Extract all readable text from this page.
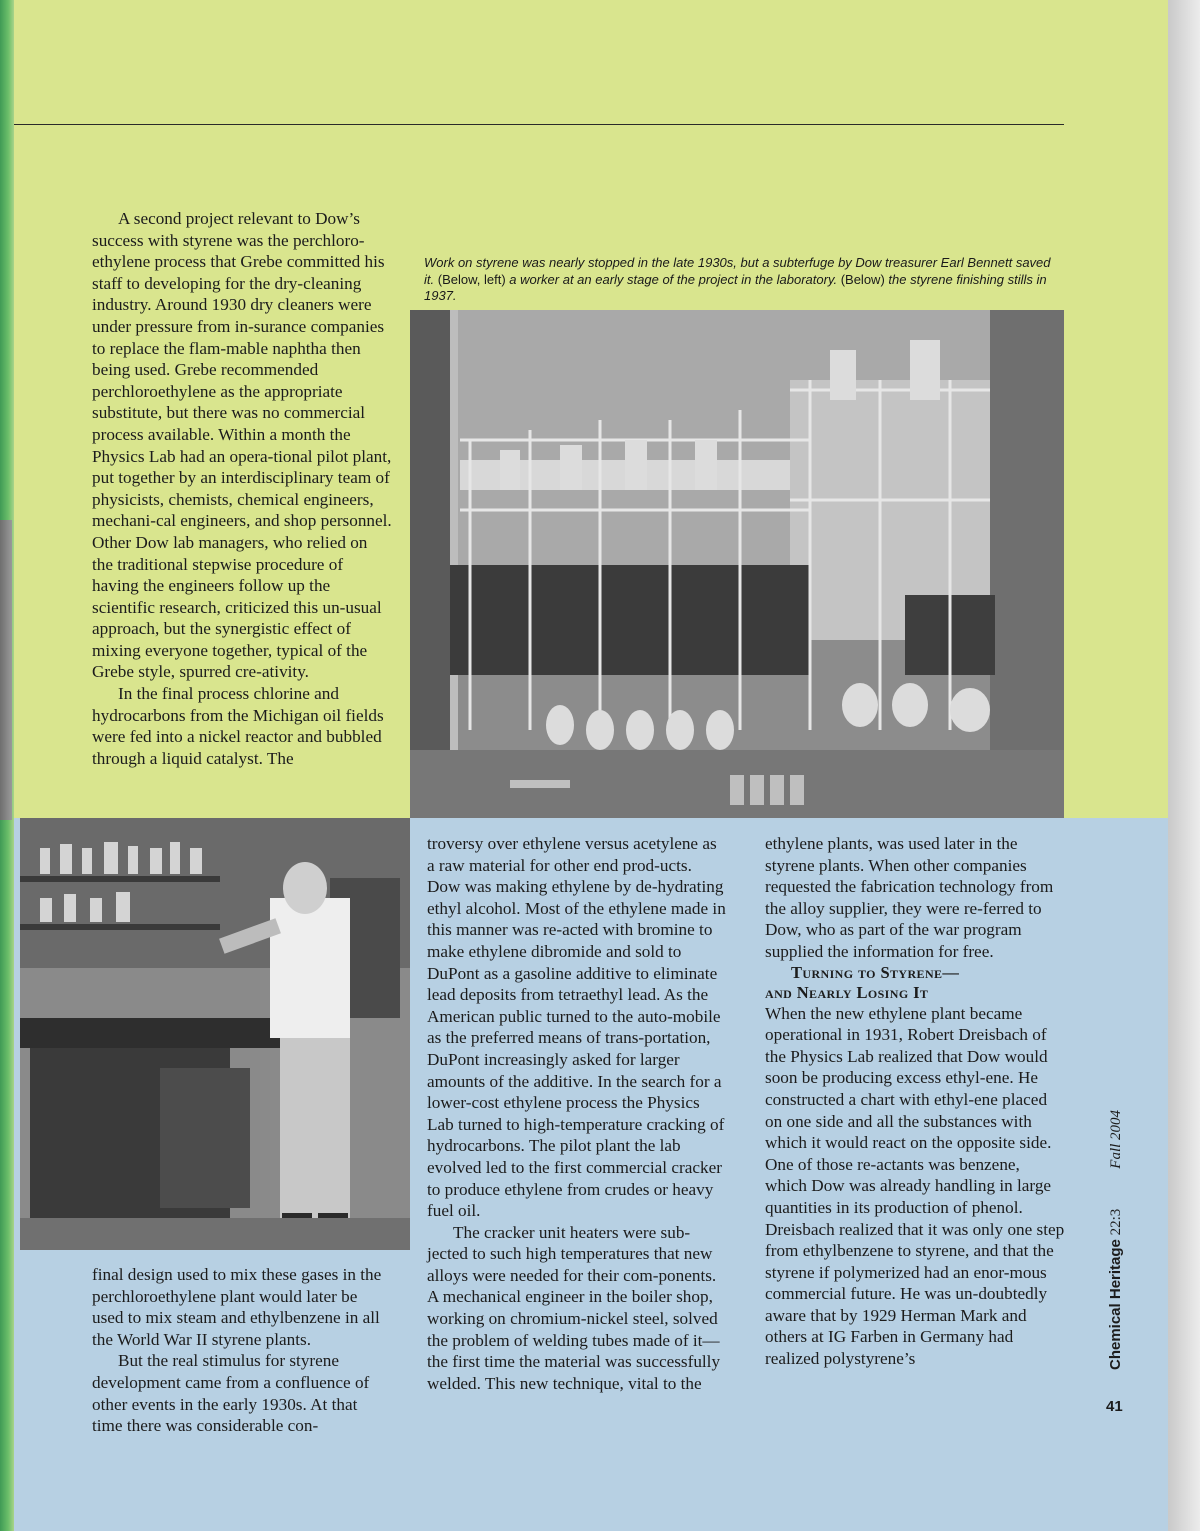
A second project relevant to Dow’s success with styrene was the perchloro-ethylene process that Grebe committed his staff to developing for the dry-cleaning industry. Around 1930 dry cleaners were under pressure from in-surance companies to replace the flam-mable naphtha then being used. Grebe recommended perchloroethylene as the appropriate substitute, but there was no commercial process available. Within a month the Physics Lab had an opera-tional pilot plant, put together by an interdisciplinary team of physicists, chemists, chemical engineers, mechani-cal engineers, and shop personnel. Other Dow lab managers, who relied on the traditional stepwise procedure of having the engineers follow up the scientific research, criticized this un-usual approach, but the synergistic effect of mixing everyone together, typical of the Grebe style, spurred cre-ativity.

In the final process chlorine and hydrocarbons from the Michigan oil fields were fed into a nickel reactor and bubbled through a liquid catalyst. The

Work on styrene was nearly stopped in the late 1930s, but a subterfuge by Dow treasurer Earl Bennett saved it. (Below, left) a worker at an early stage of the project in the laboratory. (Below) the styrene finishing stills in 1937.

final design used to mix these gases in the perchloroethylene plant would later be used to mix steam and ethylbenzene in all the World War II styrene plants.

But the real stimulus for styrene development came from a confluence of other events in the early 1930s. At that time there was considerable con-

troversy over ethylene versus acetylene as a raw material for other end prod-ucts. Dow was making ethylene by de-hydrating ethyl alcohol. Most of the ethylene made in this manner was re-acted with bromine to make ethylene dibromide and sold to DuPont as a gasoline additive to eliminate lead deposits from tetraethyl lead. As the American public turned to the auto-mobile as the preferred means of trans-portation, DuPont increasingly asked for larger amounts of the additive. In the search for a lower-cost ethylene process the Physics Lab turned to high-temperature cracking of hydrocarbons. The pilot plant the lab evolved led to the first commercial cracker to produce ethylene from crudes or heavy fuel oil.

The cracker unit heaters were sub-jected to such high temperatures that new alloys were needed for their com-ponents. A mechanical engineer in the boiler shop, working on chromium-nickel steel, solved the problem of welding tubes made of it—the first time the material was successfully welded. This new technique, vital to the

ethylene plants, was used later in the styrene plants. When other companies requested the fabrication technology from the alloy supplier, they were re-ferred to Dow, who as part of the war program supplied the information for free.

Turning to Styrene—
and Nearly Losing It

When the new ethylene plant became operational in 1931, Robert Dreisbach of the Physics Lab realized that Dow would soon be producing excess ethyl-ene. He constructed a chart with ethyl-ene placed on one side and all the substances with which it would react on the opposite side. One of those re-actants was benzene, which Dow was already handling in large quantities in its production of phenol. Dreisbach realized that it was only one step from ethylbenzene to styrene, and that the styrene if polymerized had an enor-mous commercial future. He was un-doubtedly aware that by 1929 Herman Mark and others at IG Farben in Germany had realized polystyrene’s	Chemical Heritage 22:3Fall 2004
41
